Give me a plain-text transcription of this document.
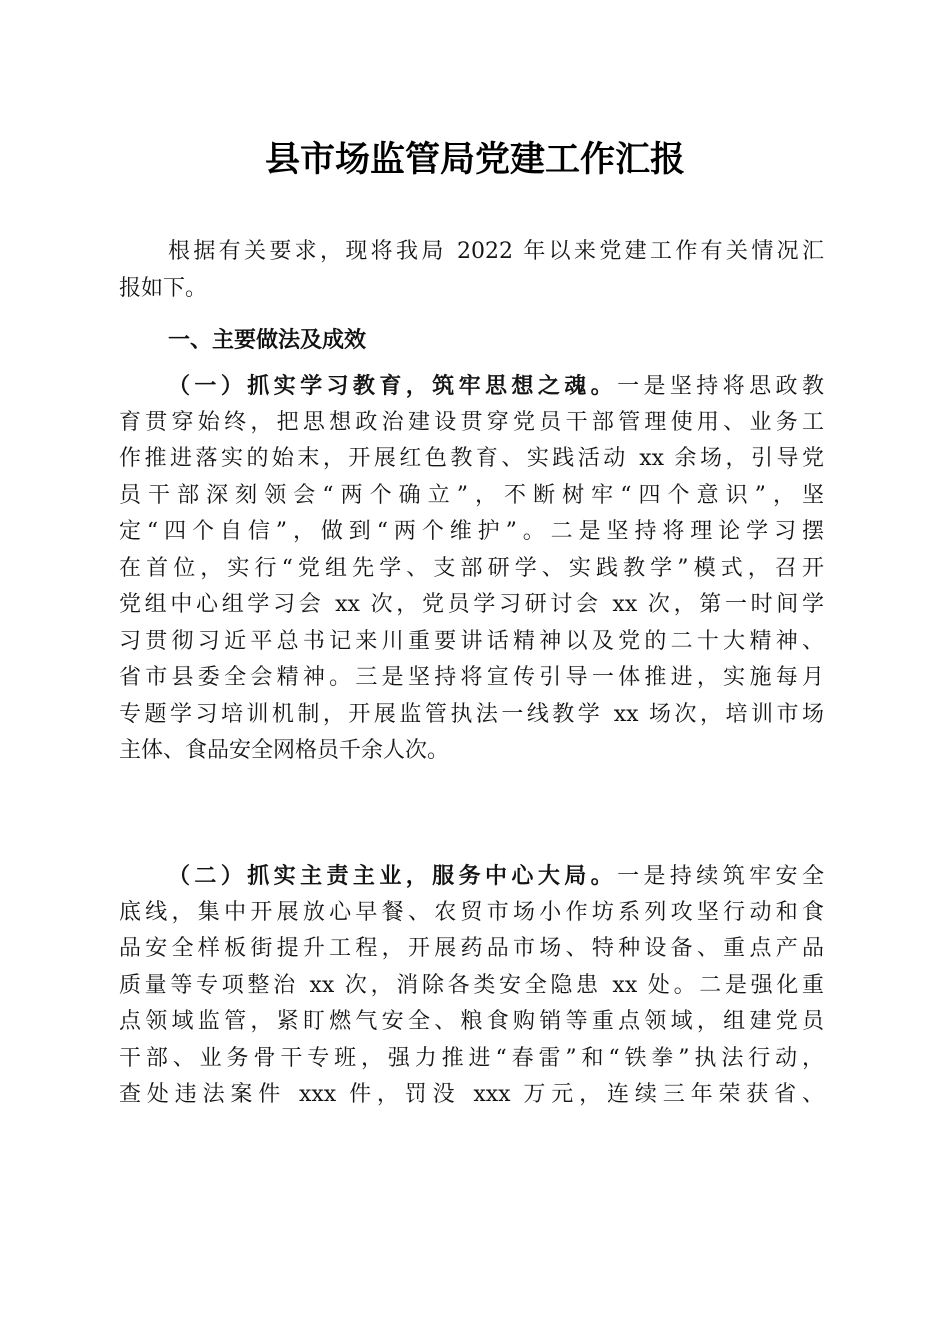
县市场监管局党建工作汇报
根据有关要求，现将我局 2022 年以来党建工作有关情况汇
报如下。
一、主要做法及成效
（一）抓实学习教育，筑牢思想之魂。一是坚持将思政教
育贯穿始终，把思想政治建设贯穿党员干部管理使用、业务工
作推进落实的始末，开展红色教育、实践活动 xx 余场，引导党
员干部深刻领会“两个确立”，不断树牢“四个意识”，坚
定“四个自信”，做到“两个维护”。二是坚持将理论学习摆
在首位，实行“党组先学、支部研学、实践教学”模式，召开
党组中心组学习会 xx 次，党员学习研讨会 xx 次，第一时间学
习贯彻习近平总书记来川重要讲话精神以及党的二十大精神、
省市县委全会精神。三是坚持将宣传引导一体推进，实施每月
专题学习培训机制，开展监管执法一线教学 xx 场次，培训市场
主体、食品安全网格员千余人次。
（二）抓实主责主业，服务中心大局。一是持续筑牢安全
底线，集中开展放心早餐、农贸市场小作坊系列攻坚行动和食
品安全样板街提升工程，开展药品市场、特种设备、重点产品
质量等专项整治 xx 次，消除各类安全隐患 xx 处。二是强化重
点领域监管，紧盯燃气安全、粮食购销等重点领域，组建党员
干部、业务骨干专班，强力推进“春雷”和“铁拳”执法行动，
查处违法案件 xxx 件，罚没 xxx 万元，连续三年荣获省、
